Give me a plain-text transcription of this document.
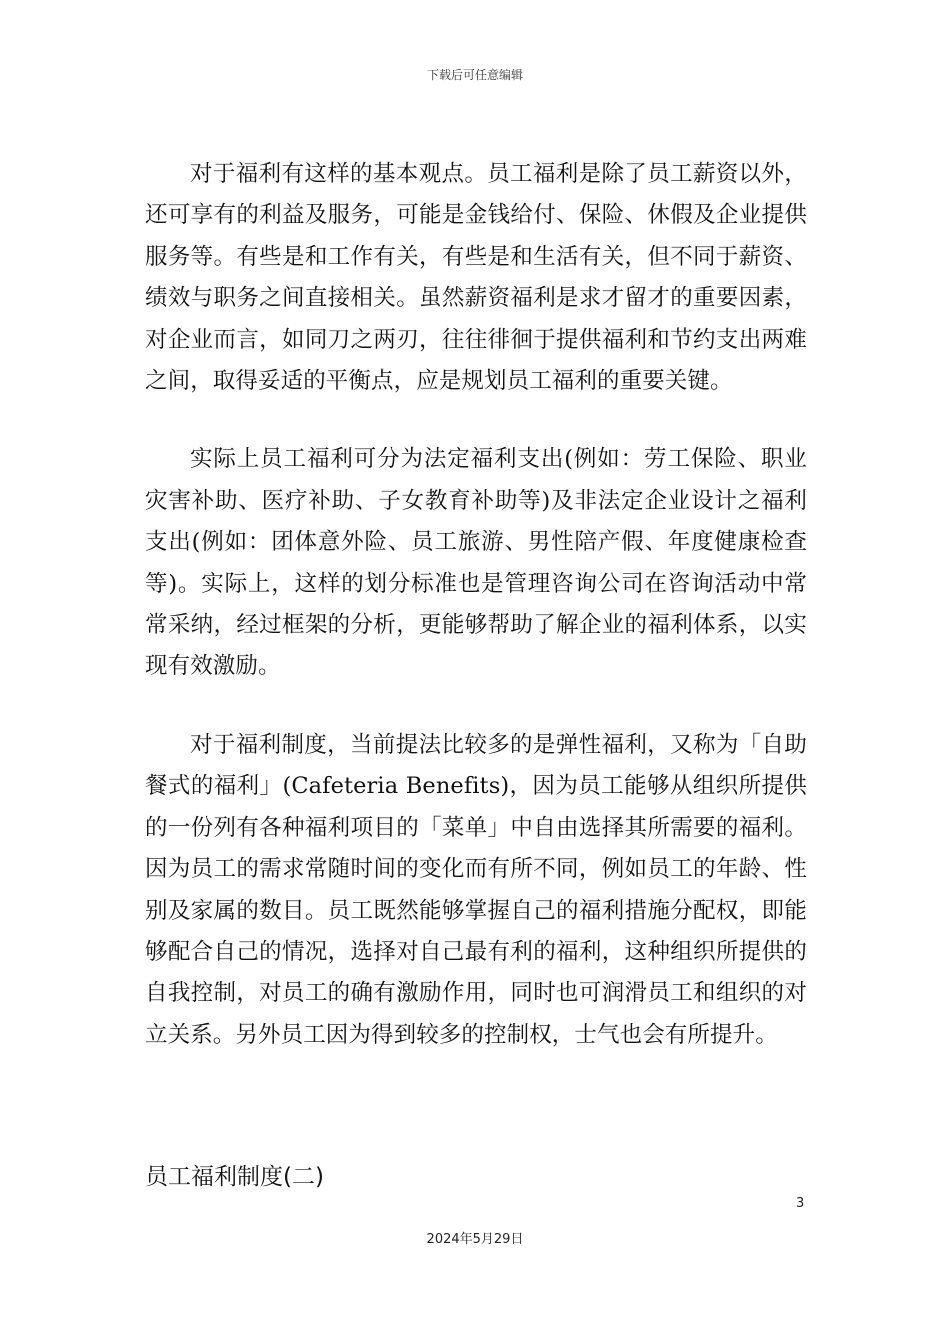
下载后可任意编辑

对于福利有这样的基本观点。员工福利是除了员工薪资以外，还可享有的利益及服务，可能是金钱给付、保险、休假及企业提供服务等。有些是和工作有关，有些是和生活有关，但不同于薪资、绩效与职务之间直接相关。虽然薪资福利是求才留才的重要因素，对企业而言，如同刀之两刃，往往徘徊于提供福利和节约支出两难之间，取得妥适的平衡点，应是规划员工福利的重要关键。

实际上员工福利可分为法定福利支出(例如：劳工保险、职业灾害补助、医疗补助、子女教育补助等)及非法定企业设计之福利支出(例如：团体意外险、员工旅游、男性陪产假、年度健康检查等)。实际上，这样的划分标准也是管理咨询公司在咨询活动中常常采纳，经过框架的分析，更能够帮助了解企业的福利体系，以实现有效激励。

对于福利制度，当前提法比较多的是弹性福利，又称为「自助餐式的福利」(Cafeteria Benefits)，因为员工能够从组织所提供的一份列有各种福利项目的「菜单」中自由选择其所需要的福利。因为员工的需求常随时间的变化而有所不同，例如员工的年龄、性别及家属的数目。员工既然能够掌握自己的福利措施分配权，即能够配合自己的情况，选择对自己最有利的福利，这种组织所提供的自我控制，对员工的确有激励作用，同时也可润滑员工和组织的对立关系。另外员工因为得到较多的控制权，士气也会有所提升。

员工福利制度(二)
3
2024年5月29日
